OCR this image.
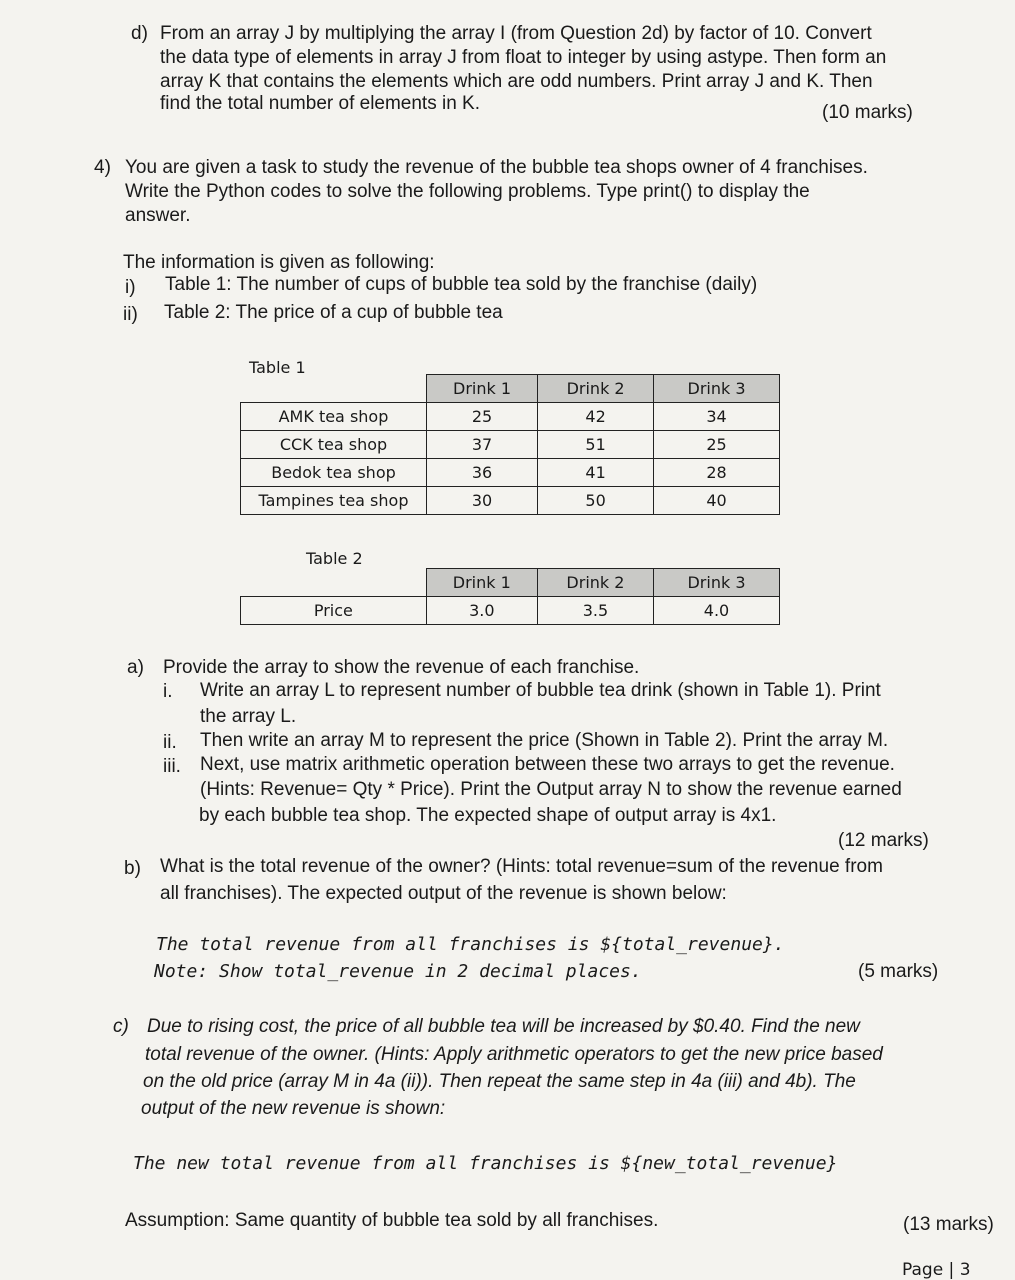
d) From an array J by multiplying the array I (from Question 2d) by factor of 10. Convert
the data type of elements in array J from float to integer by using astype. Then form an
array K that contains the elements which are odd numbers. Print array J and K. Then
find the total number of elements in K.	(10 marks)
4) You are given a task to study the revenue of the bubble tea shops owner of 4 franchises.
Write the Python codes to solve the following problems. Type print() to display the
answer.
The information is given as following:
i) Table 1: The number of cups of bubble tea sold by the franchise (daily)
ii) Table 2: The price of a cup of bubble tea
Table 1
	Drink 1	Drink 2	Drink 3
AMK tea shop	25	42	34
CCK tea shop	37	51	25
Bedok tea shop	36	41	28
Tampines tea shop	30	50	40
Table 2
	Drink 1	Drink 2	Drink 3
Price	3.0	3.5	4.0
a) Provide the array to show the revenue of each franchise.
i. Write an array L to represent number of bubble tea drink (shown in Table 1). Print
the array L.
ii. Then write an array M to represent the price (Shown in Table 2). Print the array M.
iii. Next, use matrix arithmetic operation between these two arrays to get the revenue.
(Hints: Revenue= Qty * Price). Print the Output array N to show the revenue earned
by each bubble tea shop. The expected shape of output array is 4x1.
(12 marks)
b) What is the total revenue of the owner? (Hints: total revenue=sum of the revenue from
all franchises). The expected output of the revenue is shown below:
The total revenue from all franchises is ${total_revenue}.
Note: Show total_revenue in 2 decimal places.	(5 marks)
c) Due to rising cost, the price of all bubble tea will be increased by $0.40. Find the new
total revenue of the owner. (Hints: Apply arithmetic operators to get the new price based
on the old price (array M in 4a (ii)). Then repeat the same step in 4a (iii) and 4b). The
output of the new revenue is shown:
The new total revenue from all franchises is ${new_total_revenue}
Assumption: Same quantity of bubble tea sold by all franchises.	(13 marks)
Page | 3
